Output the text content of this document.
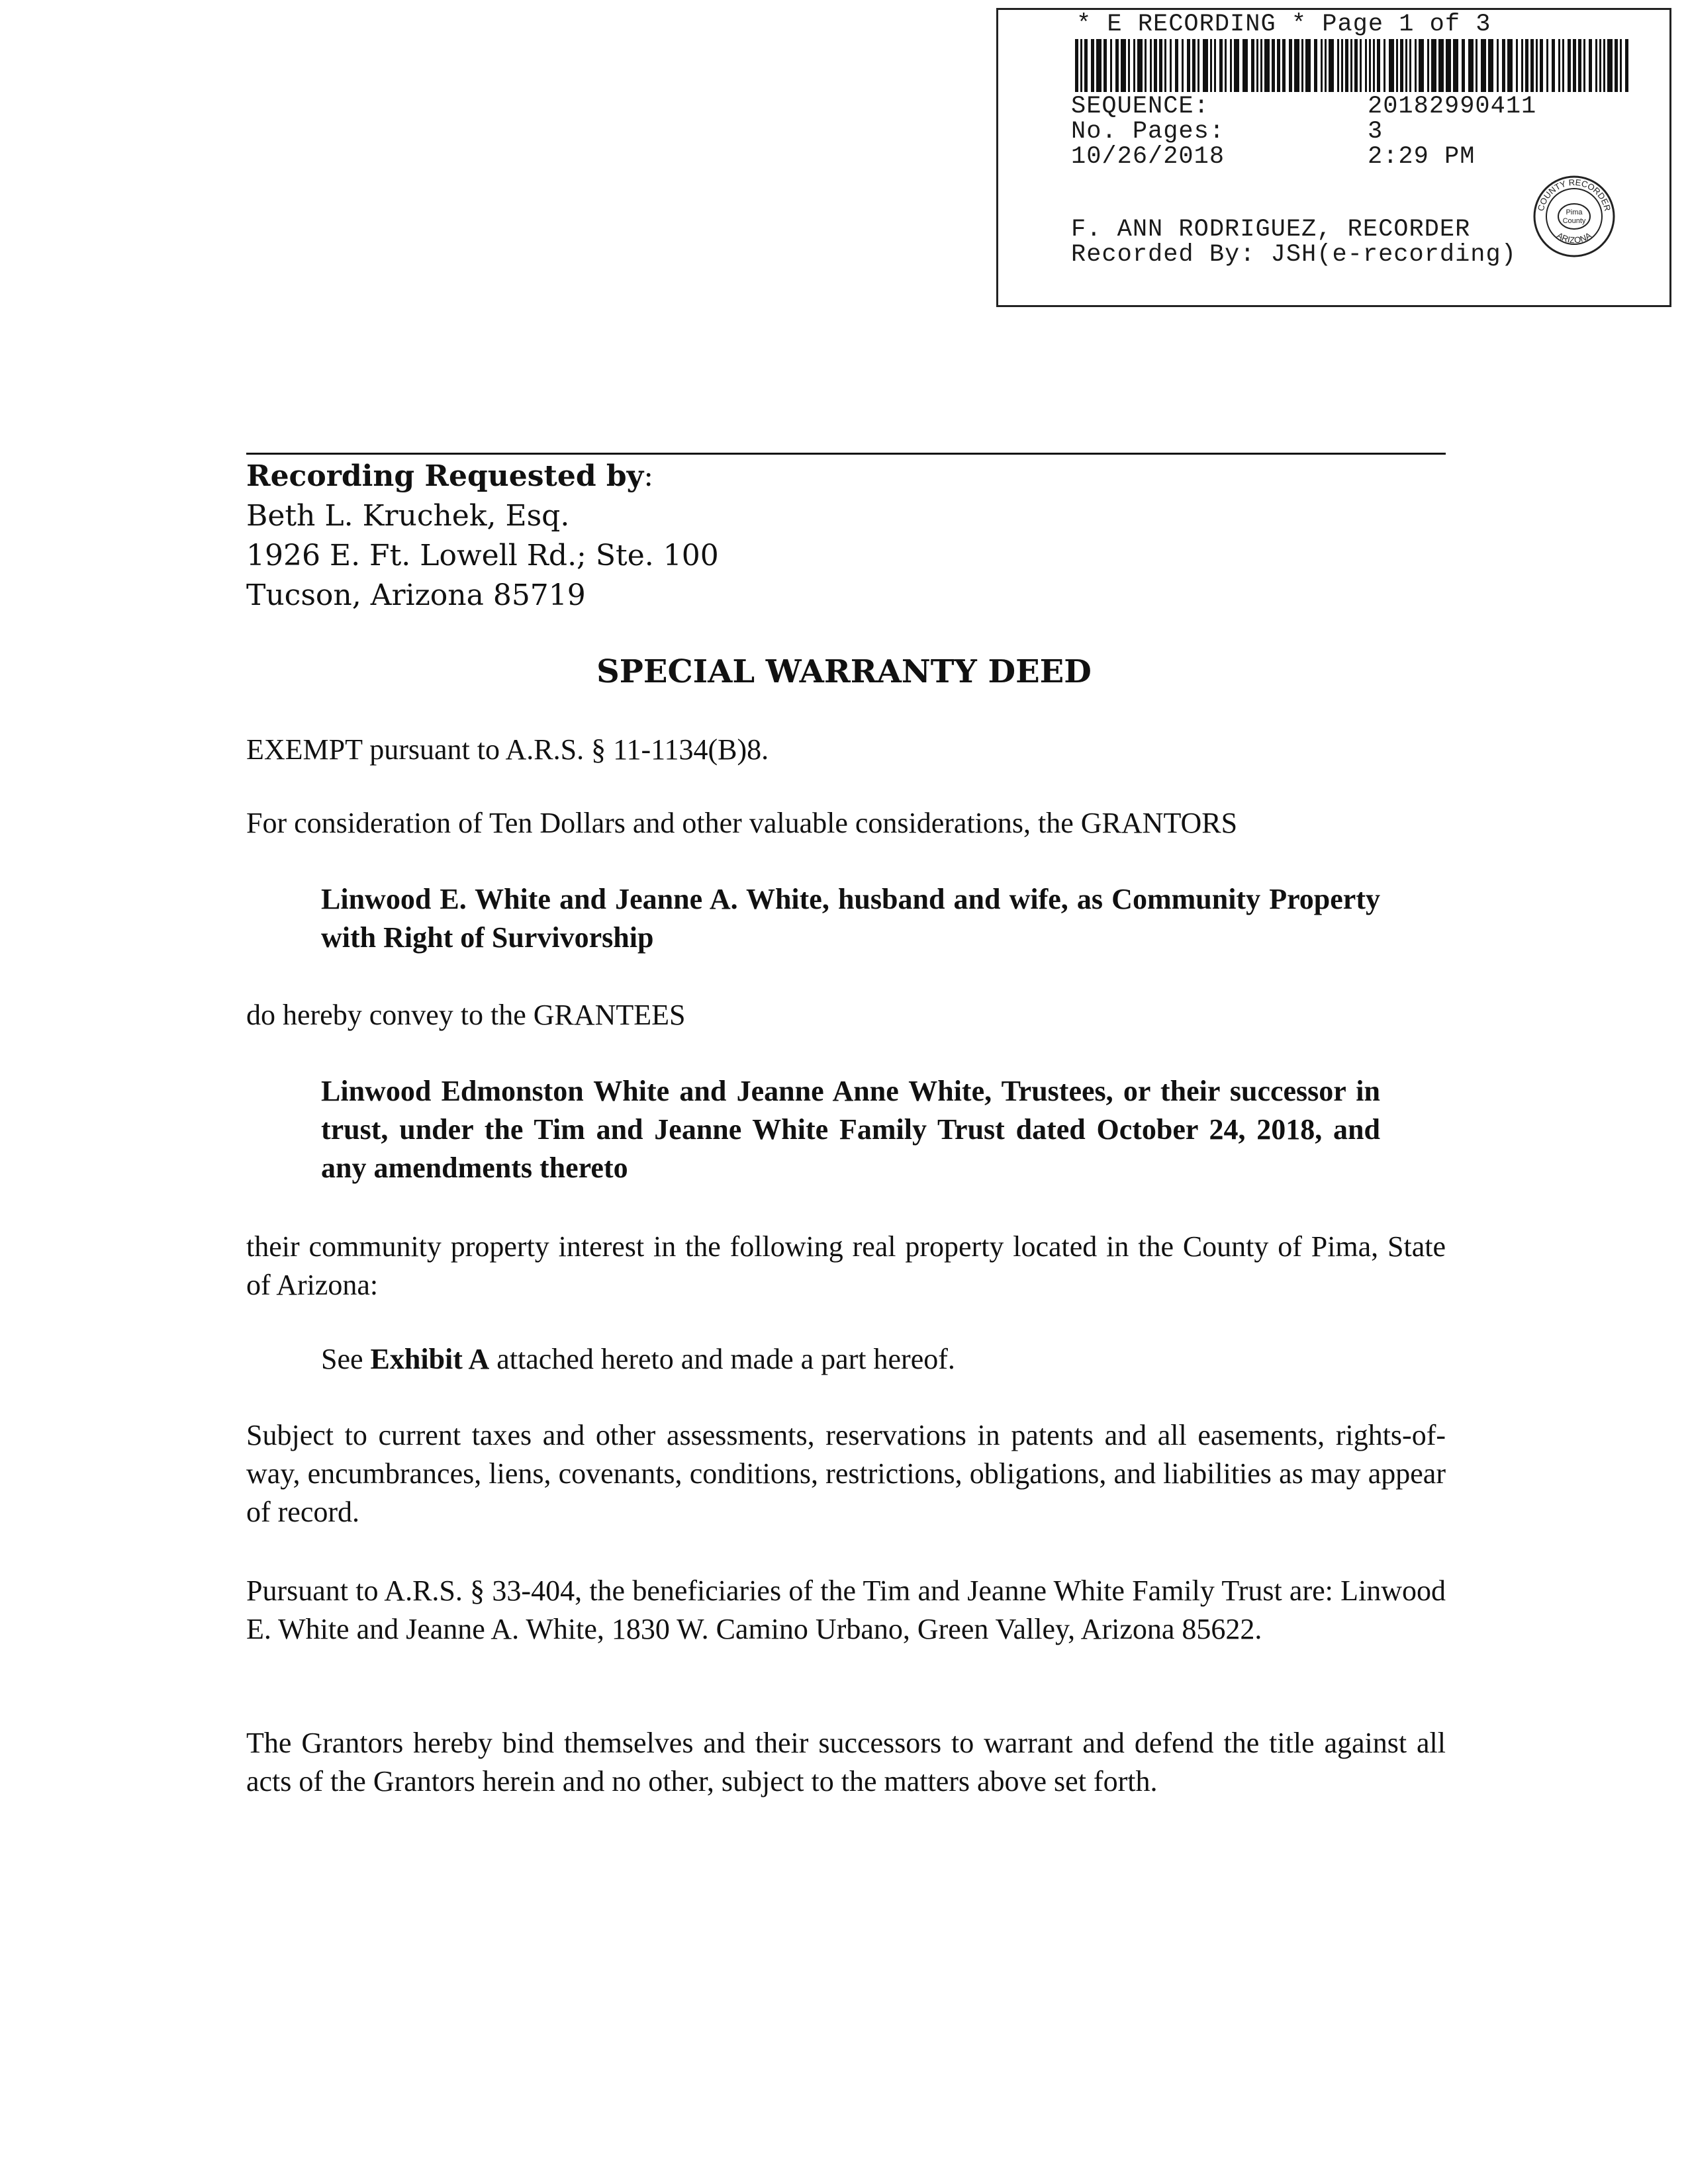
* E RECORDING * Page 1 of 3
SEQUENCE:	20182990411
No. Pages:	3
10/26/2018	2:29 PM
F. ANN RODRIGUEZ, RECORDER
Recorded By: JSH(e-recording)
Pima
County
COUNTY RECORDER
ARIZONA
Recording Requested by:
Beth L. Kruchek, Esq.
1926 E. Ft. Lowell Rd.; Ste. 100
Tucson, Arizona 85719
SPECIAL WARRANTY DEED
EXEMPT pursuant to A.R.S. § 11-1134(B)8.
For consideration of Ten Dollars and other valuable considerations, the GRANTORS
Linwood E. White and Jeanne A. White, husband and wife, as Community Property with Right of Survivorship
do hereby convey to the GRANTEES
Linwood Edmonston White and Jeanne Anne White, Trustees, or their successor in trust, under the Tim and Jeanne White Family Trust dated October 24, 2018, and any amendments thereto
their community property interest in the following real property located in the County of Pima, State of Arizona:
See Exhibit A attached hereto and made a part hereof.
Subject to current taxes and other assessments, reservations in patents and all easements, rights-of-way, encumbrances, liens, covenants, conditions, restrictions, obligations, and liabilities as may appear of record.
Pursuant to A.R.S. § 33-404, the beneficiaries of the Tim and Jeanne White Family Trust are: Linwood E. White and Jeanne A. White, 1830 W. Camino Urbano, Green Valley, Arizona 85622.
The Grantors hereby bind themselves and their successors to warrant and defend the title against all acts of the Grantors herein and no other, subject to the matters above set forth.
